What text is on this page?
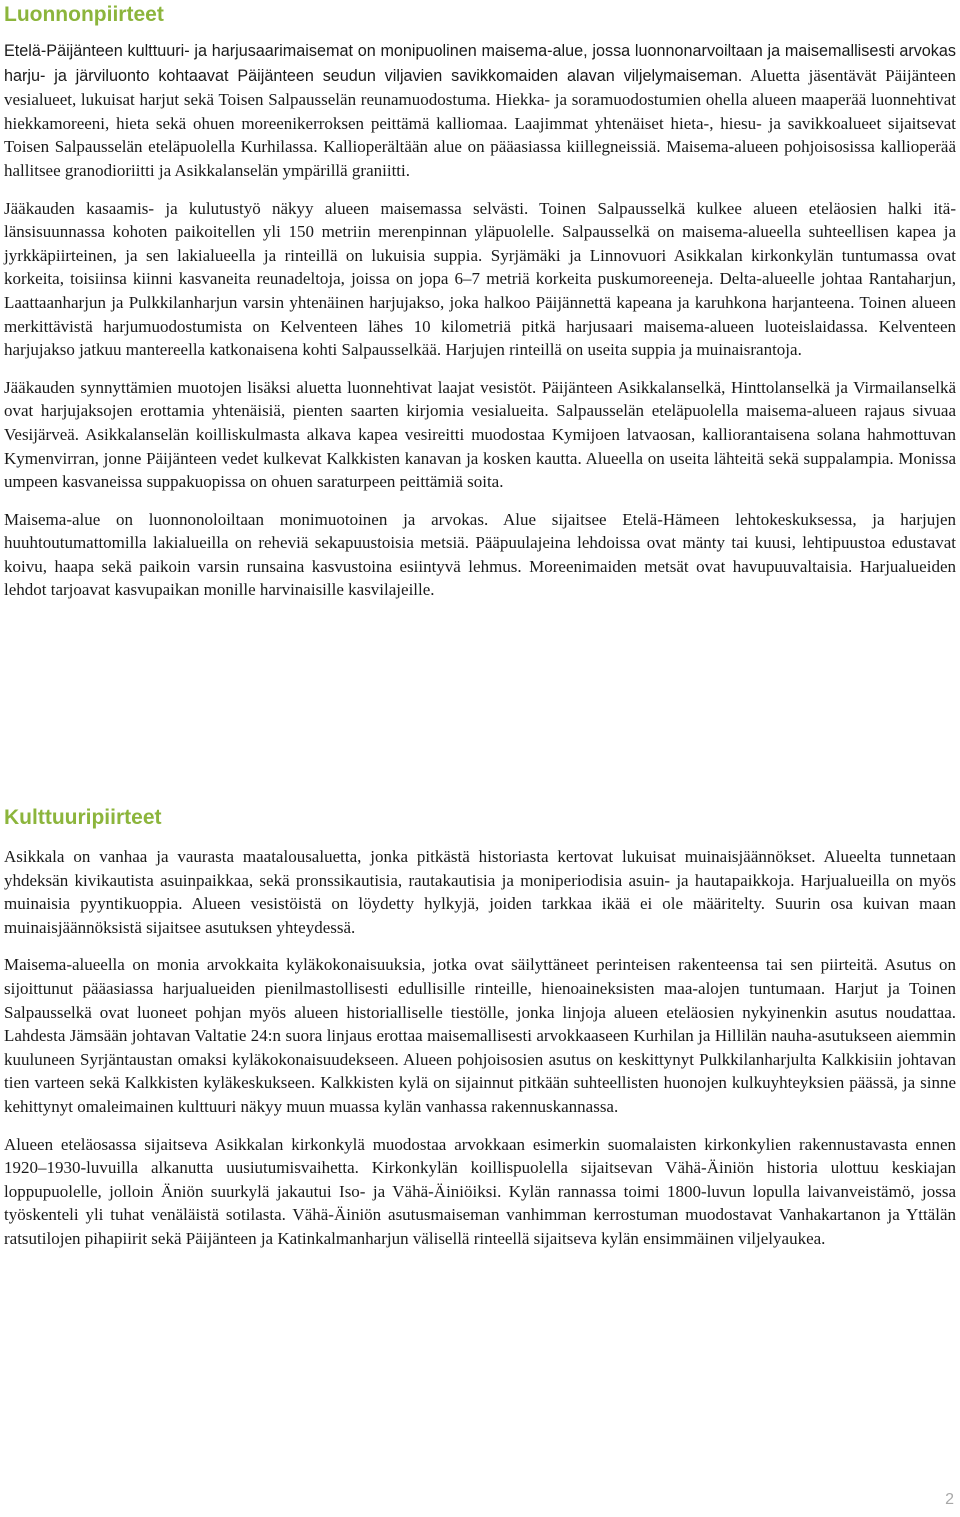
Luonnonpiirteet

Etelä-Päijänteen kulttuuri- ja harjusaarimaisemat on monipuolinen maisema-alue, jossa luonnonarvoiltaan ja maisemallisesti arvokas harju- ja järviluonto kohtaavat Päijänteen seudun viljavien savikkomaiden alavan viljelymaiseman. Aluetta jäsentävät Päijänteen vesialueet, lukuisat harjut sekä Toisen Salpausselän reunamuodostuma. Hiekka- ja soramuodostumien ohella alueen maaperää luonnehtivat hiekkamoreeni, hieta sekä ohuen moreenikerroksen peittämä kalliomaa. Laajimmat yhtenäiset hieta-, hiesu- ja savikkoalueet sijaitsevat Toisen Salpausselän eteläpuolella Kurhilassa. Kallioperältään alue on pääasiassa kiillegneissiä. Maisema-alueen pohjoisosissa kallioperää hallitsee granodioriitti ja Asikkalanselän ympärillä graniitti.

Jääkauden kasaamis- ja kulutustyö näkyy alueen maisemassa selvästi. Toinen Salpausselkä kulkee alueen eteläosien halki itä-länsisuunnassa kohoten paikoitellen yli 150 metriin merenpinnan yläpuolelle. Salpausselkä on maisema-alueella suhteellisen kapea ja jyrkkäpiirteinen, ja sen lakialueella ja rinteillä on lukuisia suppia. Syrjämäki ja Linnovuori Asikkalan kirkonkylän tuntumassa ovat korkeita, toisiinsa kiinni kasvaneita reunadeltoja, joissa on jopa 6–7 metriä korkeita puskumoreeneja. Delta-alueelle johtaa Rantaharjun, Laattaanharjun ja Pulkkilanharjun varsin yhtenäinen harjujakso, joka halkoo Päijännettä kapeana ja karuhkona harjanteena. Toinen alueen merkittävistä harjumuodostumista on Kelventeen lähes 10 kilometriä pitkä harjusaari maisema-alueen luoteislaidassa. Kelventeen harjujakso jatkuu mantereella katkonaisena kohti Salpausselkää. Harjujen rinteillä on useita suppia ja muinaisrantoja.

Jääkauden synnyttämien muotojen lisäksi aluetta luonnehtivat laajat vesistöt. Päijänteen Asikkalanselkä, Hinttolanselkä ja Virmailanselkä ovat harjujaksojen erottamia yhtenäisiä, pienten saarten kirjomia vesialueita. Salpausselän eteläpuolella maisema-alueen rajaus sivuaa Vesijärveä. Asikkalanselän koilliskulmasta alkava kapea vesireitti muodostaa Kymijoen latvaosan, kalliorantaisena solana hahmottuvan Kymenvirran, jonne Päijänteen vedet kulkevat Kalkkisten kanavan ja kosken kautta. Alueella on useita lähteitä sekä suppalampia. Monissa umpeen kasvaneissa suppakuopissa on ohuen saraturpeen peittämiä soita.

Maisema-alue on luonnonoloiltaan monimuotoinen ja arvokas. Alue sijaitsee Etelä-Hämeen lehtokeskuksessa, ja harjujen huuhtoutumattomilla lakialueilla on reheviä sekapuustoisia metsiä. Pääpuulajeina lehdoissa ovat mänty tai kuusi, lehtipuustoa edustavat koivu, haapa sekä paikoin varsin runsaina kasvustoina esiintyvä lehmus. Moreenimaiden metsät ovat havupuuvaltaisia. Harjualueiden lehdot tarjoavat kasvupaikan monille harvinaisille kasvilajeille.

Kulttuuripiirteet

Asikkala on vanhaa ja vaurasta maatalousaluetta, jonka pitkästä historiasta kertovat lukuisat muinaisjäännökset. Alueelta tunnetaan yhdeksän kivikautista asuinpaikkaa, sekä pronssikautisia, rautakautisia ja moniperiodisia asuin- ja hautapaikkoja. Harjualueilla on myös muinaisia pyyntikuoppia. Alueen vesistöistä on löydetty hylkyjä, joiden tarkkaa ikää ei ole määritelty. Suurin osa kuivan maan muinaisjäännöksistä sijaitsee asutuksen yhteydessä.

Maisema-alueella on monia arvokkaita kyläkokonaisuuksia, jotka ovat säilyttäneet perinteisen rakenteensa tai sen piirteitä. Asutus on sijoittunut pääasiassa harjualueiden pienilmastollisesti edullisille rinteille, hienoaineksisten maa-alojen tuntumaan. Harjut ja Toinen Salpausselkä ovat luoneet pohjan myös alueen historialliselle tiestölle, jonka linjoja alueen eteläosien nykyinenkin asutus noudattaa. Lahdesta Jämsään johtavan Valtatie 24:n suora linjaus erottaa maisemallisesti arvokkaaseen Kurhilan ja Hillilän nauha-asutukseen aiemmin kuuluneen Syrjäntaustan omaksi kyläkokonaisuudekseen. Alueen pohjoisosien asutus on keskittynyt Pulkkilanharjulta Kalkkisiin johtavan tien varteen sekä Kalkkisten kyläkeskukseen. Kalkkisten kylä on sijainnut pitkään suhteellisten huonojen kulkuyhteyksien päässä, ja sinne kehittynyt omaleimainen kulttuuri näkyy muun muassa kylän vanhassa rakennuskannassa.

Alueen eteläosassa sijaitseva Asikkalan kirkonkylä muodostaa arvokkaan esimerkin suomalaisten kirkonkylien rakennustavasta ennen 1920–1930-luvuilla alkanutta uusiutumisvaihetta. Kirkonkylän koillispuolella sijaitsevan Vähä-Äiniön historia ulottuu keskiajan loppupuolelle, jolloin Äniön suurkylä jakautui Iso- ja Vähä-Äiniöiksi. Kylän rannassa toimi 1800-luvun lopulla laivanveistämö, jossa työskenteli yli tuhat venäläistä sotilasta. Vähä-Äiniön asutusmaiseman vanhimman kerrostuman muodostavat Vanhakartanon ja Yttälän ratsutilojen pihapiirit sekä Päijänteen ja Katinkalmanharjun välisellä rinteellä sijaitseva kylän ensimmäinen viljelyaukea.

2
